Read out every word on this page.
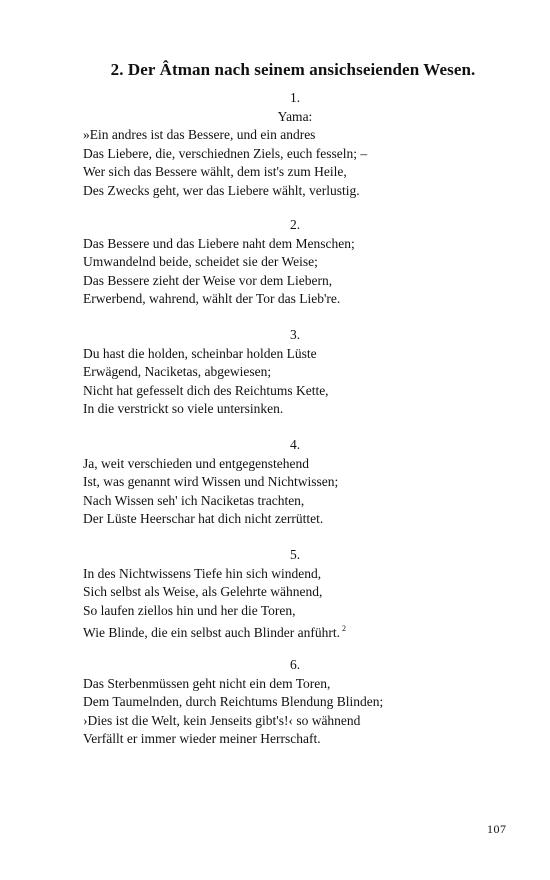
2. Der Âtman nach seinem ansichseienden Wesen.
1.
Yama:
»Ein andres ist das Bessere, und ein andres
Das Liebere, die, verschiednen Ziels, euch fesseln; –
Wer sich das Bessere wählt, dem ist's zum Heile,
Des Zwecks geht, wer das Liebere wählt, verlustig.
2.
Das Bessere und das Liebere naht dem Menschen;
Umwandelnd beide, scheidet sie der Weise;
Das Bessere zieht der Weise vor dem Liebern,
Erwerbend, wahrend, wählt der Tor das Lieb're.
3.
Du hast die holden, scheinbar holden Lüste
Erwägend, Naciketas, abgewiesen;
Nicht hat gefesselt dich des Reichtums Kette,
In die verstrickt so viele untersinken.
4.
Ja, weit verschieden und entgegenstehend
Ist, was genannt wird Wissen und Nichtwissen;
Nach Wissen seh' ich Naciketas trachten,
Der Lüste Heerschar hat dich nicht zerrüttet.
5.
In des Nichtwissens Tiefe hin sich windend,
Sich selbst als Weise, als Gelehrte wähnend,
So laufen ziellos hin und her die Toren,
Wie Blinde, die ein selbst auch Blinder anführt. $^2$
6.
Das Sterbenmüssen geht nicht ein dem Toren,
Dem Taumelnden, durch Reichtums Blendung Blinden;
›Dies ist die Welt, kein Jenseits gibt's!‹ so wähnend
Verfällt er immer wieder meiner Herrschaft.
107
